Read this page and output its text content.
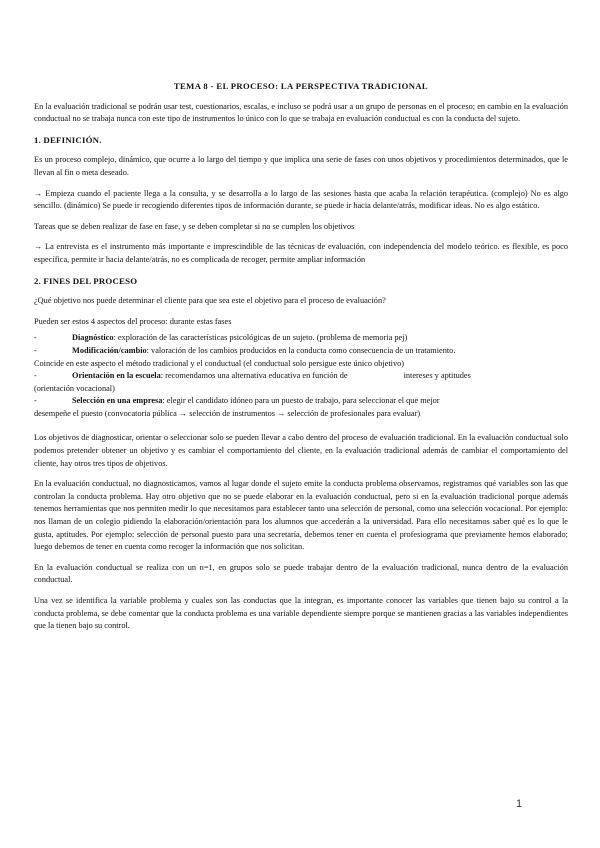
TEMA 8 - EL PROCESO: LA PERSPECTIVA TRADICIONAL

En la evaluación tradicional se podrán usar test, cuestionarios, escalas, e incluso se podrá usar a un grupo de personas en el proceso; en cambio en la evaluación conductual no se trabaja nunca con este tipo de instrumentos lo único con lo que se trabaja en evaluación conductual es con la conducta del sujeto.

1. DEFINICIÓN.

Es un proceso complejo, dinámico, que ocurre a lo largo del tiempo y que implica una serie de fases con unos objetivos y procedimientos determinados, que le llevan al fin o meta deseado.

→ Empieza cuando el paciente llega a la consulta, y se desarrolla a lo largo de las sesiones hasta que acaba la relación terapéutica. (complejo) No es algo sencillo. (dinámico) Se puede ir recogiendo diferentes tipos de información durante, se puede ir hacia delante/atrás, modificar ideas. No es algo estático.

Tareas que se deben realizar de fase en fase, y se deben completar si no se cumplen los objetivos

→ La entrevista es el instrumento más importante e imprescindible de las técnicas de evaluación, con independencia del modelo teórico. es flexible, es poco específica, permite ir hacia delante/atrás, no es complicada de recoger, permite ampliar información

2. FINES DEL PROCESO

¿Qué objetivo nos puede determinar el cliente para que sea este el objetivo para el proceso de evaluación?

Pueden ser estos 4 aspectos del proceso: durante estas fases

-	Diagnóstico: exploración de las características psicológicas de un sujeto. (problema de memoria pej)
-	Modificación/cambio: valoración de los cambios producidos en la conducta como consecuencia de un tratamiento.
Coincide en este aspecto el método tradicional y el conductual (el conductual solo persigue este único objetivo)
-	Orientación en la escuela: recomendamos una alternativa educativa en función de	intereses y aptitudes
(orientación vocacional)
-	Selección en una empresa: elegir el candidato idóneo para un puesto de trabajo, para seleccionar el que mejor
desempeñe el puesto (convocatoria pública → selección de instrumentos → selección de profesionales para evaluar)

Los objetivos de diagnosticar, orientar o seleccionar solo se pueden llevar a cabo dentro del proceso de evaluación tradicional. En la evaluación conductual solo podemos pretender obtener un objetivo y es cambiar el comportamiento del cliente, en la evaluación tradicional además de cambiar el comportamiento del cliente, hay otros tres tipos de objetivos.

En la evaluación conductual, no diagnosticamos, vamos al lugar donde el sujeto emite la conducta problema observamos, registramos qué variables son las que controlan la conducta problema. Hay otro objetivo que no se puede elaborar en la evaluación conductual, pero si en la evaluación tradicional porque además tenemos herramientas que nos permiten medir lo que necesitamos para establecer tanto una selección de personal, como una selección vocacional. Por ejemplo: nos llaman de un colegio pidiendo la elaboración/orientación para los alumnos que accederán a la universidad. Para ello necesitamos saber qué es lo que le gusta, aptitudes. Por ejemplo: selección de personal puesto para una secretaría, debemos tener en cuenta el profesiograma que previamente hemos elaborado; luego debemos de tener en cuenta como recoger la información que nos solicitan.

En la evaluación conductual se realiza con un n=1, en grupos solo se puede trabajar dentro de la evaluación tradicional, nunca dentro de la evaluación conductual.

Una vez se identifica la variable problema y cuales son las conductas que la integran, es importante conocer las variables que tienen bajo su control a la conducta problema, se debe comentar que la conducta problema es una variable dependiente siempre porque se mantienen gracias a las variables independientes que la tienen bajo su control.

1
